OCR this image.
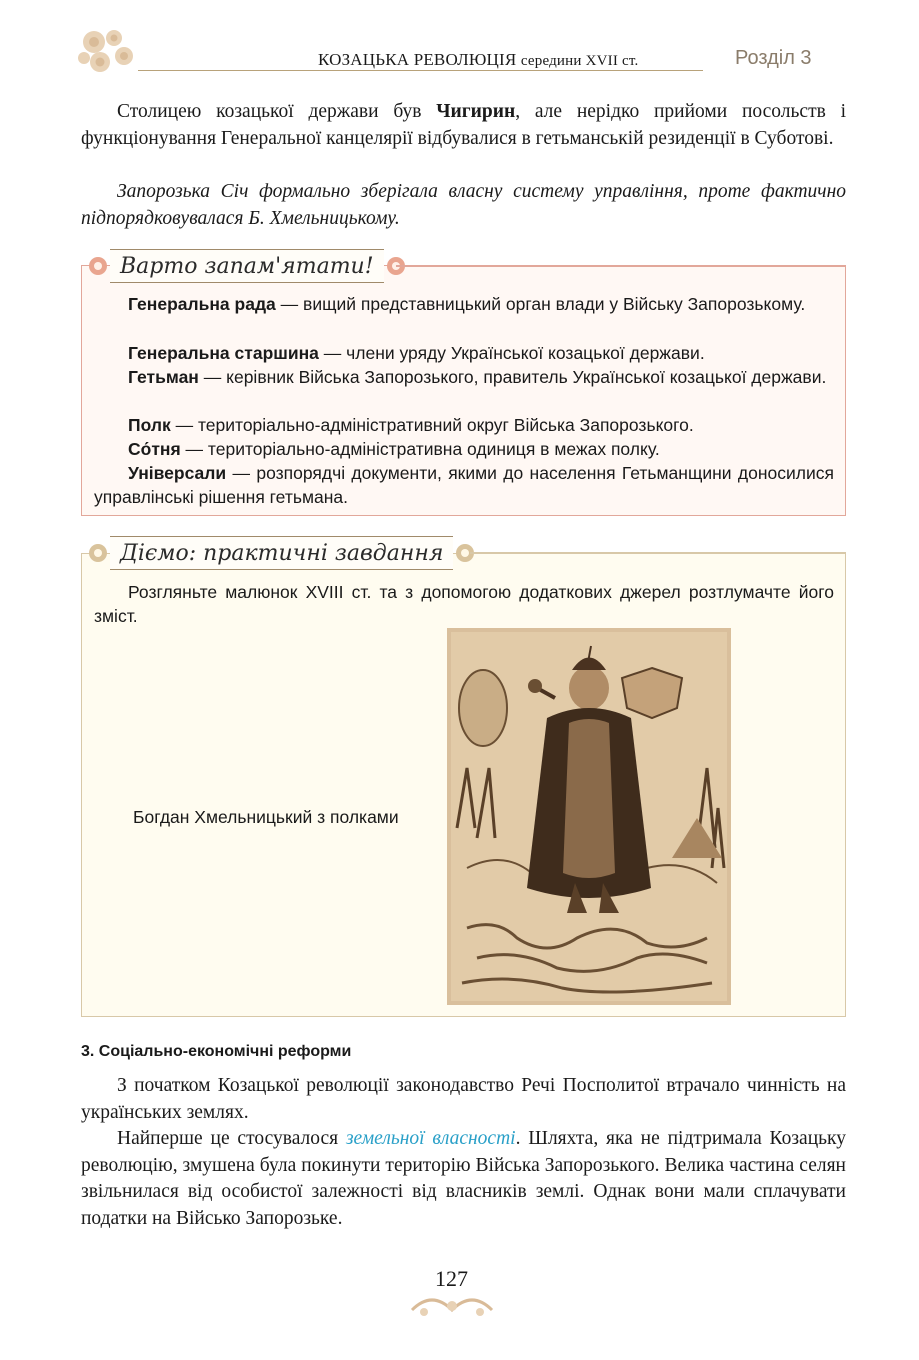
КОЗАЦЬКА РЕВОЛЮЦІЯ середини XVII ст.	Розділ 3

Столицею козацької держави був Чигирин, але нерідко прийоми посольств і функціонування Генеральної канцелярії відбувалися в гетьманській резиденції в Суботові.

Запорозька Січ формально зберігала власну систему управління, проте фактично підпорядковувалася Б. Хмельницькому.

Варто запам'ятати!

Генеральна рада — вищий представницький орган влади у Війську Запорозькому.

Генеральна старшина — члени уряду Української козацької держави.

Гетьман — керівник Війська Запорозького, правитель Української козацької держави.

Полк — територіально-адміністративний округ Війська Запорозького.

Со́тня — територіально-адміністративна одиниця в межах полку.

Універсали — розпорядчі документи, якими до населення Гетьманщини доносилися управлінські рішення гетьмана.

Діємо: практичні завдання

Розгляньте малюнок XVIII ст. та з допомогою додаткових джерел розтлумачте його зміст.

Богдан Хмельницький з полками
3. Соціально-економічні реформи

З початком Козацької революції законодавство Речі Посполитої втрачало чинність на українських землях.

Найперше це стосувалося земельної власності. Шляхта, яка не підтримала Козацьку революцію, змушена була покинути територію Війська Запорозького. Велика частина селян звільнилася від особистої залежності від власників землі. Однак вони мали сплачувати податки на Військо Запорозьке.

127
